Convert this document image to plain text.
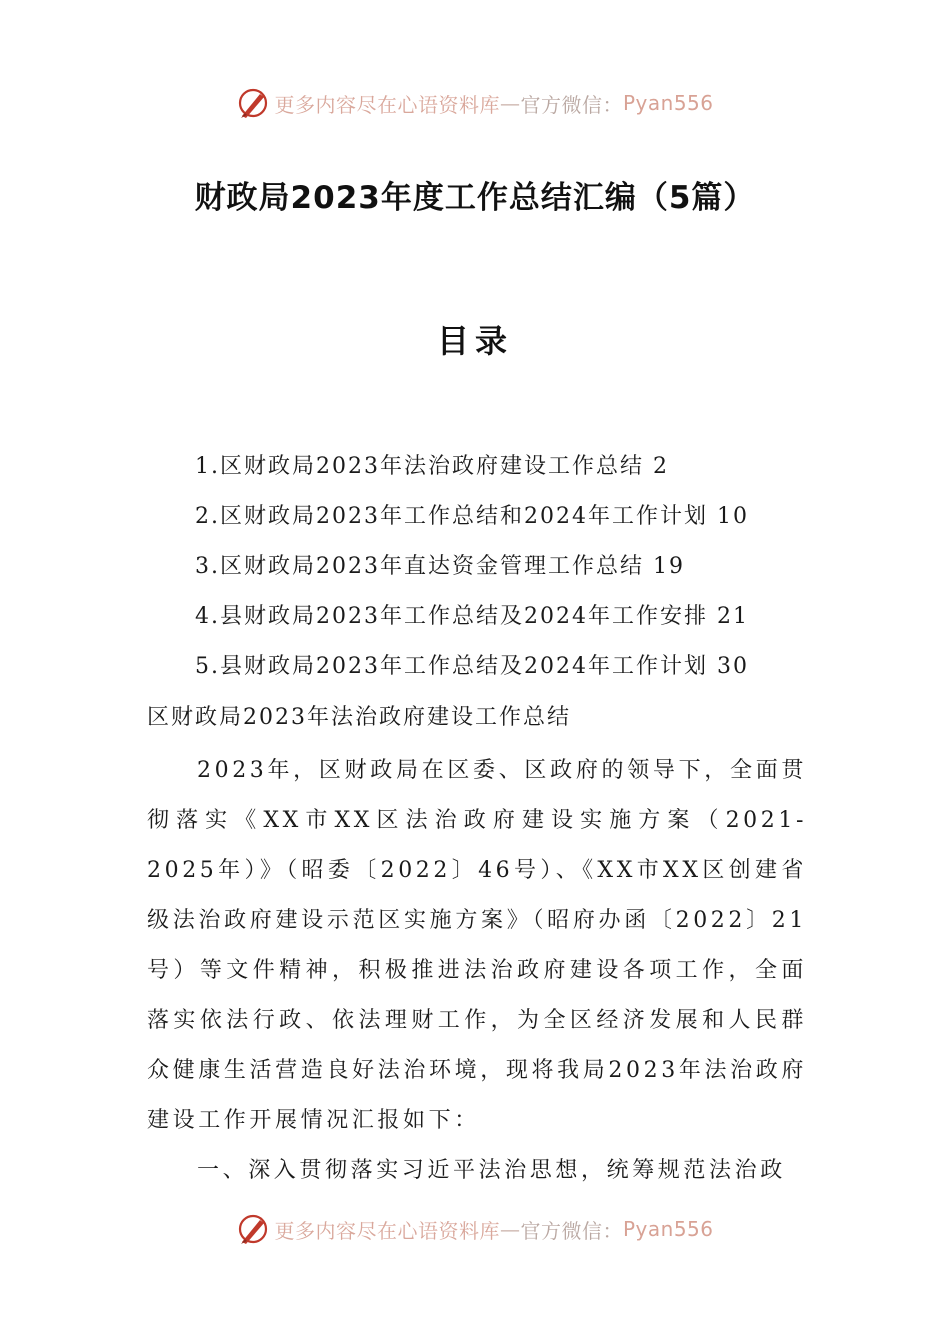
更多内容尽在心语资料库 — 官方微信： Pyan556
财政局2023年度工作总结汇编（5篇）
目录
1.区财政局2023年法治政府建设工作总结 2
2.区财政局2023年工作总结和2024年工作计划 10
3.区财政局2023年直达资金管理工作总结 19
4.县财政局2023年工作总结及2024年工作安排 21
5.县财政局2023年工作总结及2024年工作计划 30
区财政局2023年法治政府建设工作总结

2023年，区财政局在区委、区政府的领导下，全面贯彻落实《XX市XX区法治政府建设实施方案（2021-2025年）》（昭委〔2022〕46号）、《XX市XX区创建省级法治政府建设示范区实施方案》（昭府办函〔2022〕21号）等文件精神，积极推进法治政府建设各项工作，全面落实依法行政、依法理财工作，为全区经济发展和人民群众健康生活营造良好法治环境，现将我局2023年法治政府建设工作开展情况汇报如下：

一、深入贯彻落实习近平法治思想，统筹规范法治政
更多内容尽在心语资料库 — 官方微信： Pyan556
